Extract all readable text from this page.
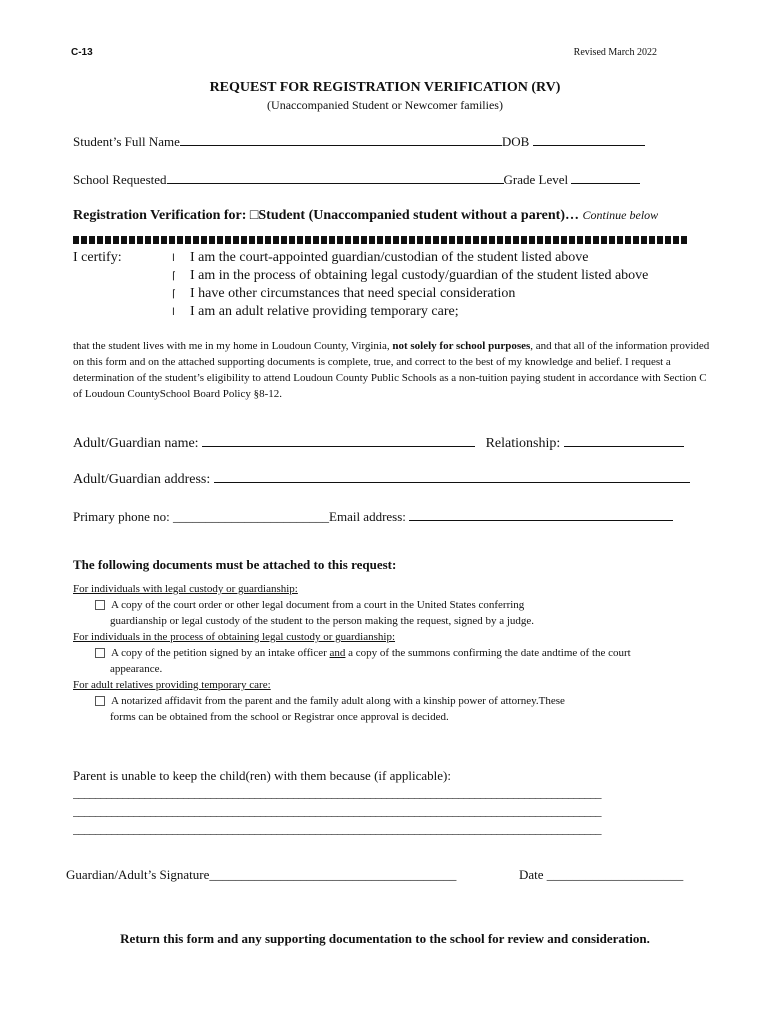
C-13	Revised March 2022
REQUEST FOR REGISTRATION VERIFICATION (RV)
(Unaccompanied Student or Newcomer families)
Student’s Full Name	DOB
School Requested	Grade Level
Registration Verification for: □Student (Unaccompanied student without a parent)… Continue below
I certify:	l I am the court-appointed guardian/custodian of the student listed above
⌈ I am in the process of obtaining legal custody/guardian of the student listed above
⌈ I have other circumstances that need special consideration
l I am an adult relative providing temporary care;
that the student lives with me in my home in Loudoun County, Virginia, not solely for school purposes, and that all of the information provided on this form and on the attached supporting documents is complete, true, and correct to the best of my knowledge and belief. I request a determination of the student’s eligibility to attend Loudoun County Public Schools as a non-tuition paying student in accordance with Section C of Loudoun CountySchool Board Policy §8-12.
Adult/Guardian name:	Relationship:
Adult/Guardian address:
Primary phone no: ________________________Email address:
The following documents must be attached to this request:
For individuals with legal custody or guardianship:
A copy of the court order or other legal document from a court in the United States conferring
guardianship or legal custody of the student to the person making the request, signed by a judge.
For individuals in the process of obtaining legal custody or guardianship:
A copy of the petition signed by an intake officer and a copy of the summons confirming the date andtime of the court
appearance.
For adult relatives providing temporary care:
A notarized affidavit from the parent and the family adult along with a kinship power of attorney.These
forms can be obtained from the school or Registrar once approval is decided.
Parent is unable to keep the child(ren) with them because (if applicable):
________________________________________________________________________________________________
________________________________________________________________________________________________
________________________________________________________________________________________________
Guardian/Adult’s Signature______________________________________	Date _____________________
Return this form and any supporting documentation to the school for review and consideration.
